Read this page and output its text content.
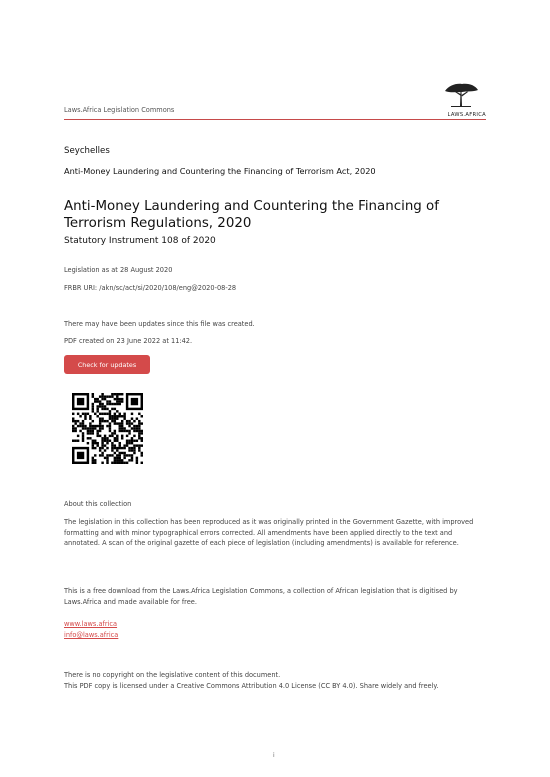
Laws.Africa Legislation Commons
LAWS.AFRICA
Seychelles
Anti-Money Laundering and Countering the Financing of Terrorism Act, 2020
Anti-Money Laundering and Countering the Financing of Terrorism Regulations, 2020
Statutory Instrument 108 of 2020
Legislation as at 28 August 2020
FRBR URI: /akn/sc/act/si/2020/108/eng@2020-08-28
There may have been updates since this file was created.
PDF created on 23 June 2022 at 11:42.
Check for updates
About this collection
The legislation in this collection has been reproduced as it was originally printed in the Government Gazette, with improved formatting and with minor typographical errors corrected. All amendments have been applied directly to the text and annotated. A scan of the original gazette of each piece of legislation (including amendments) is available for reference.
This is a free download from the Laws.Africa Legislation Commons, a collection of African legislation that is digitised by Laws.Africa and made available for free.
www.laws.africa
info@laws.africa
There is no copyright on the legislative content of this document.
This PDF copy is licensed under a Creative Commons Attribution 4.0 License (CC BY 4.0). Share widely and freely.
i
